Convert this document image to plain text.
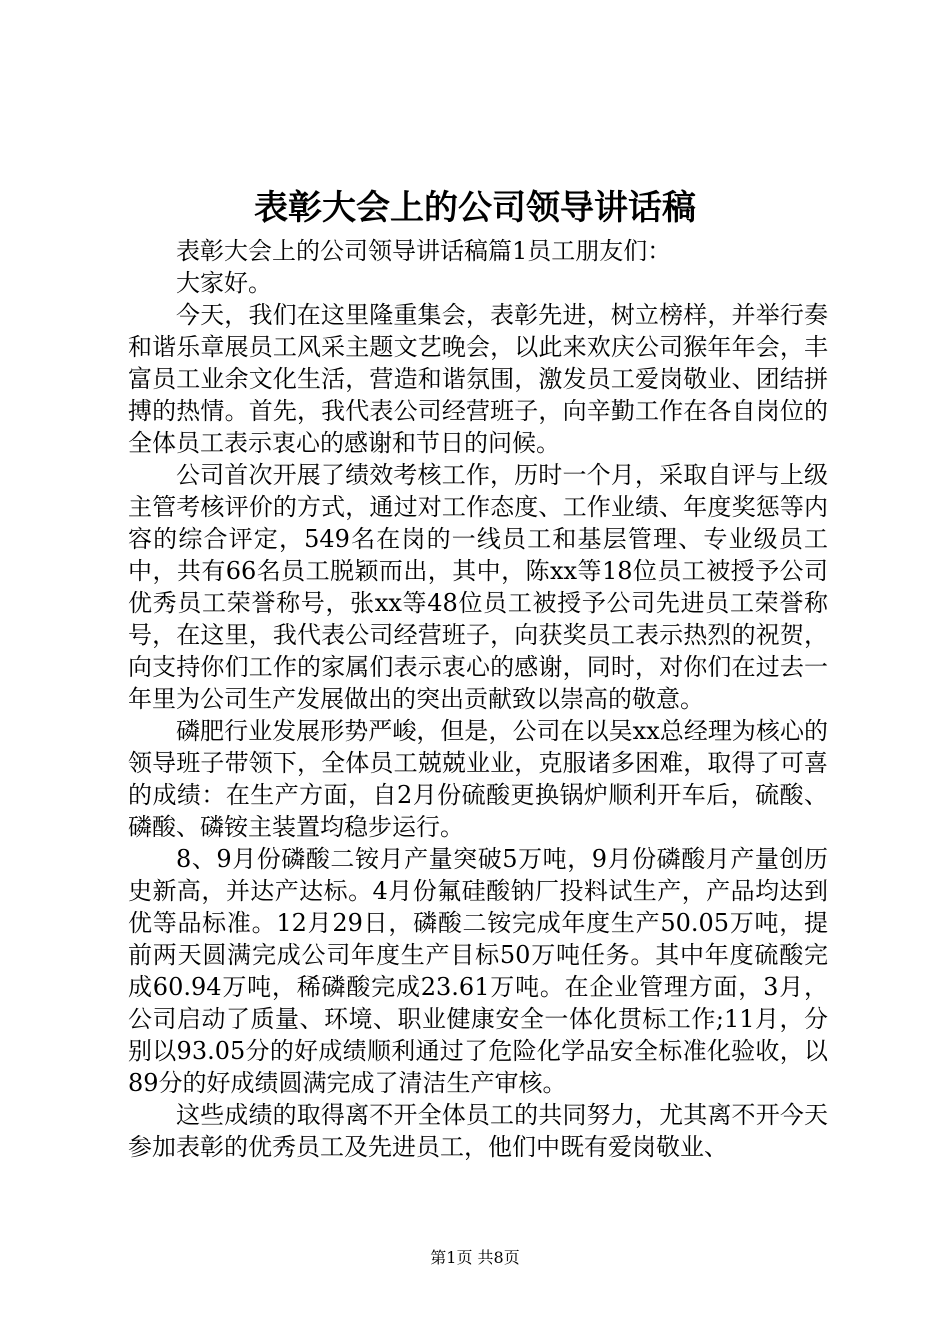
表彰大会上的公司领导讲话稿

表彰大会上的公司领导讲话稿篇1员工朋友们：

大家好。

今天，我们在这里隆重集会，表彰先进，树立榜样，并举行奏和谐乐章展员工风采主题文艺晚会，以此来欢庆公司猴年年会，丰富员工业余文化生活，营造和谐氛围，激发员工爱岗敬业、团结拼搏的热情。首先，我代表公司经营班子，向辛勤工作在各自岗位的全体员工表示衷心的感谢和节日的问候。

公司首次开展了绩效考核工作，历时一个月，采取自评与上级主管考核评价的方式，通过对工作态度、工作业绩、年度奖惩等内容的综合评定，549名在岗的一线员工和基层管理、专业级员工中，共有66名员工脱颖而出，其中，陈xx等18位员工被授予公司优秀员工荣誉称号，张xx等48位员工被授予公司先进员工荣誉称号，在这里，我代表公司经营班子，向获奖员工表示热烈的祝贺，向支持你们工作的家属们表示衷心的感谢，同时，对你们在过去一年里为公司生产发展做出的突出贡献致以崇高的敬意。

磷肥行业发展形势严峻，但是，公司在以吴xx总经理为核心的领导班子带领下，全体员工兢兢业业，克服诸多困难，取得了可喜的成绩：在生产方面，自2月份硫酸更换锅炉顺利开车后，硫酸、磷酸、磷铵主装置均稳步运行。

8、9月份磷酸二铵月产量突破5万吨，9月份磷酸月产量创历史新高，并达产达标。4月份氟硅酸钠厂投料试生产，产品均达到优等品标准。12月29日，磷酸二铵完成年度生产50.05万吨，提前两天圆满完成公司年度生产目标50万吨任务。其中年度硫酸完成60.94万吨，稀磷酸完成23.61万吨。在企业管理方面，3月，公司启动了质量、环境、职业健康安全一体化贯标工作;11月，分别以93.05分的好成绩顺利通过了危险化学品安全标准化验收，以89分的好成绩圆满完成了清洁生产审核。

这些成绩的取得离不开全体员工的共同努力，尤其离不开今天参加表彰的优秀员工及先进员工，他们中既有爱岗敬业、

第1页 共8页
